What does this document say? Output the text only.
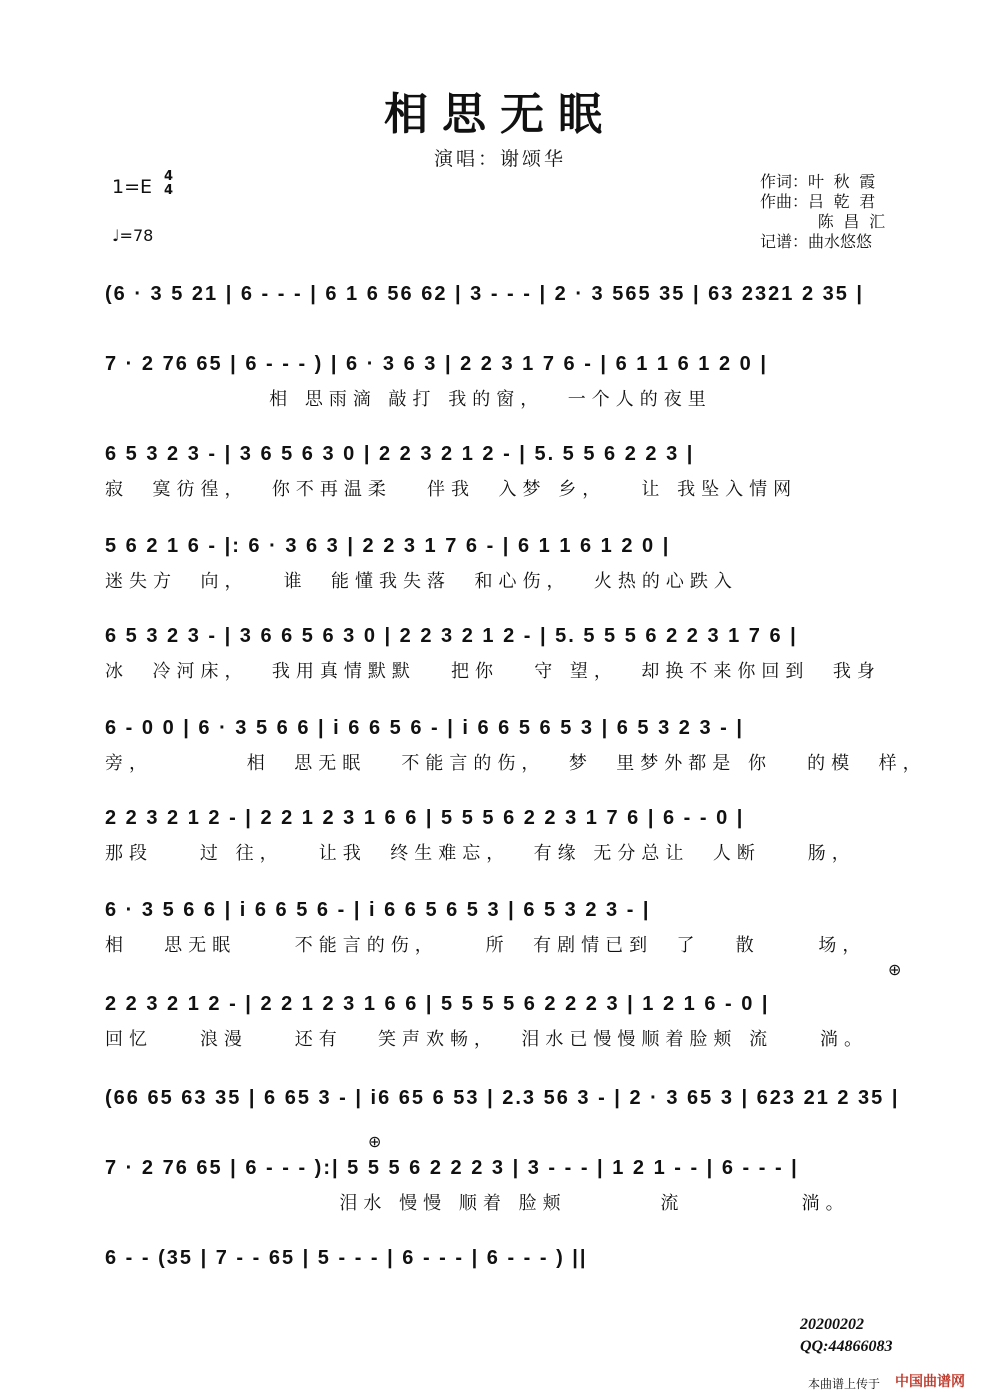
相思无眠
演唱：谢颂华
1=E 4
4
♩=78
作词：叶 秋 霞
作曲：吕 乾 君
陈 昌 汇
记谱：曲水悠悠
(6 · 3 5 21 | 6 - - - | 6 1 6 56 62 | 3 - - - | 2 · 3 565 35 | 63 2321 2 35 |
7 · 2 76 65 | 6 - - - ) | 6 · 3 6 3 | 2 2 3 1 7 6 - | 6 1 1 6 1 2 0 |
相 思雨滴 敲打 我的窗，  一个人的夜里
6 5 3 2 3 - | 3 6 5 6 3 0 | 2 2 3 2 1 2 - | 5. 5 5 6 2 2 3 |
寂  寞彷徨，  你不再温柔   伴我  入梦 乡，   让 我坠入情网
5 6 2 1 6 - |: 6 · 3 6 3 | 2 2 3 1 7 6 - | 6 1 1 6 1 2 0 |
迷失方  向，   谁  能懂我失落  和心伤，  火热的心跌入
6 5 3 2 3 - | 3 6 6 5 6 3 0 | 2 2 3 2 1 2 - | 5. 5 5 5 6 2 2 3 1 7 6 |
冰  冷河床，  我用真情默默   把你   守 望，  却换不来你回到  我身
6 - 0 0 | 6 · 3 5 6 6 | i 6 6 5 6 - | i 6 6 5 6 5 3 | 6 5 3 2 3 - |
旁，        相  思无眠   不能言的伤，  梦  里梦外都是 你   的模  样，
2 2 3 2 1 2 - | 2 2 1 2 3 1 6 6 | 5 5 5 6 2 2 3 1 7 6 | 6 - - 0 |
那段    过 往，   让我  终生难忘，  有缘 无分总让  人断    肠，
6 · 3 5 6 6 | i 6 6 5 6 - | i 6 6 5 6 5 3 | 6 5 3 2 3 - |
相   思无眠     不能言的伤，    所  有剧情已到  了   散     场，
⊕
2 2 3 2 1 2 - | 2 2 1 2 3 1 6 6 | 5 5 5 5 6 2 2 2 3 | 1 2 1 6 - 0 |
回忆    浪漫    还有   笑声欢畅，  泪水已慢慢顺着脸颊 流    淌。
(66 65 63 35 | 6 65 3 - | i6 65 6 53 | 2.3 56 3 - | 2 · 3 65 3 | 623 21 2 35 |
⊕
7 · 2 76 65 | 6 - - - ):| 5 5 5 6 2 2 2 3 | 3 - - - | 1 2 1 - - | 6 - - - |
泪水 慢慢 顺着 脸颊        流          淌。
6 - - (35 | 7 - - 65 | 5 - - - | 6 - - - | 6 - - - ) ||
20200202
QQ:44866083
本曲谱上传于 中国曲谱网
